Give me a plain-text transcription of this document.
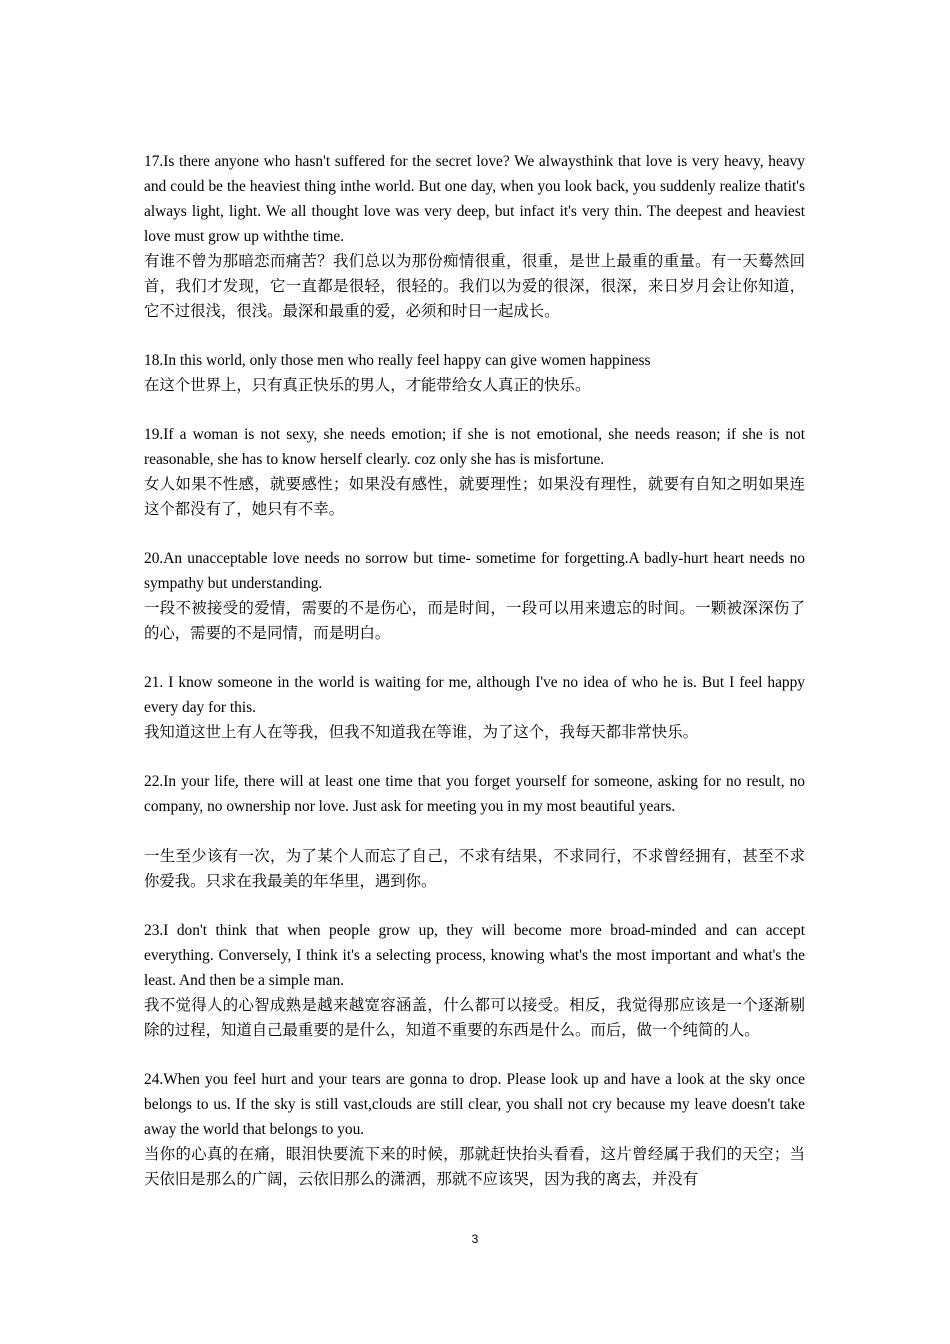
17.Is there anyone who hasn't suffered for the secret love? We alwaysthink that love is very heavy, heavy and could be the heaviest thing inthe world. But one day, when you look back, you suddenly realize thatit's always light, light. We all thought love was very deep, but infact it's very thin. The deepest and heaviest love must grow up withthe time.

有谁不曾为那暗恋而痛苦？我们总以为那份痴情很重，很重，是世上最重的重量。有一天蓦然回首，我们才发现，它一直都是很轻，很轻的。我们以为爱的很深，很深，来日岁月会让你知道，它不过很浅，很浅。最深和最重的爱，必须和时日一起成长。

18.In this world, only those men who really feel happy can give women happiness

在这个世界上，只有真正快乐的男人，才能带给女人真正的快乐。

19.If a woman is not sexy, she needs emotion; if she is not emotional, she needs reason; if she is not reasonable, she has to know herself clearly. coz only she has is misfortune.

女人如果不性感，就要感性；如果没有感性，就要理性；如果没有理性，就要有自知之明如果连这个都没有了，她只有不幸。

20.An unacceptable love needs no sorrow but time- sometime for forgetting.A badly-hurt heart needs no sympathy but understanding.

一段不被接受的爱情，需要的不是伤心，而是时间，一段可以用来遗忘的时间。一颗被深深伤了的心，需要的不是同情，而是明白。

21. I know someone in the world is waiting for me, although I've no idea of who he is. But I feel happy every day for this.

我知道这世上有人在等我，但我不知道我在等谁，为了这个，我每天都非常快乐。

22.In your life, there will at least one time that you forget yourself for someone, asking for no result, no company, no ownership nor love. Just ask for meeting you in my most beautiful years.

一生至少该有一次，为了某个人而忘了自己，不求有结果，不求同行，不求曾经拥有，甚至不求你爱我。只求在我最美的年华里，遇到你。

23.I don't think that when people grow up, they will become more broad-minded and can accept everything. Conversely, I think it's a selecting process, knowing what's the most important and what's the least. And then be a simple man.

我不觉得人的心智成熟是越来越宽容涵盖，什么都可以接受。相反，我觉得那应该是一个逐渐剔除的过程，知道自己最重要的是什么，知道不重要的东西是什么。而后，做一个纯简的人。

24.When you feel hurt and your tears are gonna to drop. Please look up and have a look at the sky once belongs to us. If the sky is still vast,clouds are still clear, you shall not cry because my leave doesn't take away the world that belongs to you.

当你的心真的在痛，眼泪快要流下来的时候，那就赶快抬头看看，这片曾经属于我们的天空；当天依旧是那么的广阔，云依旧那么的潇洒，那就不应该哭，因为我的离去，并没有

3
